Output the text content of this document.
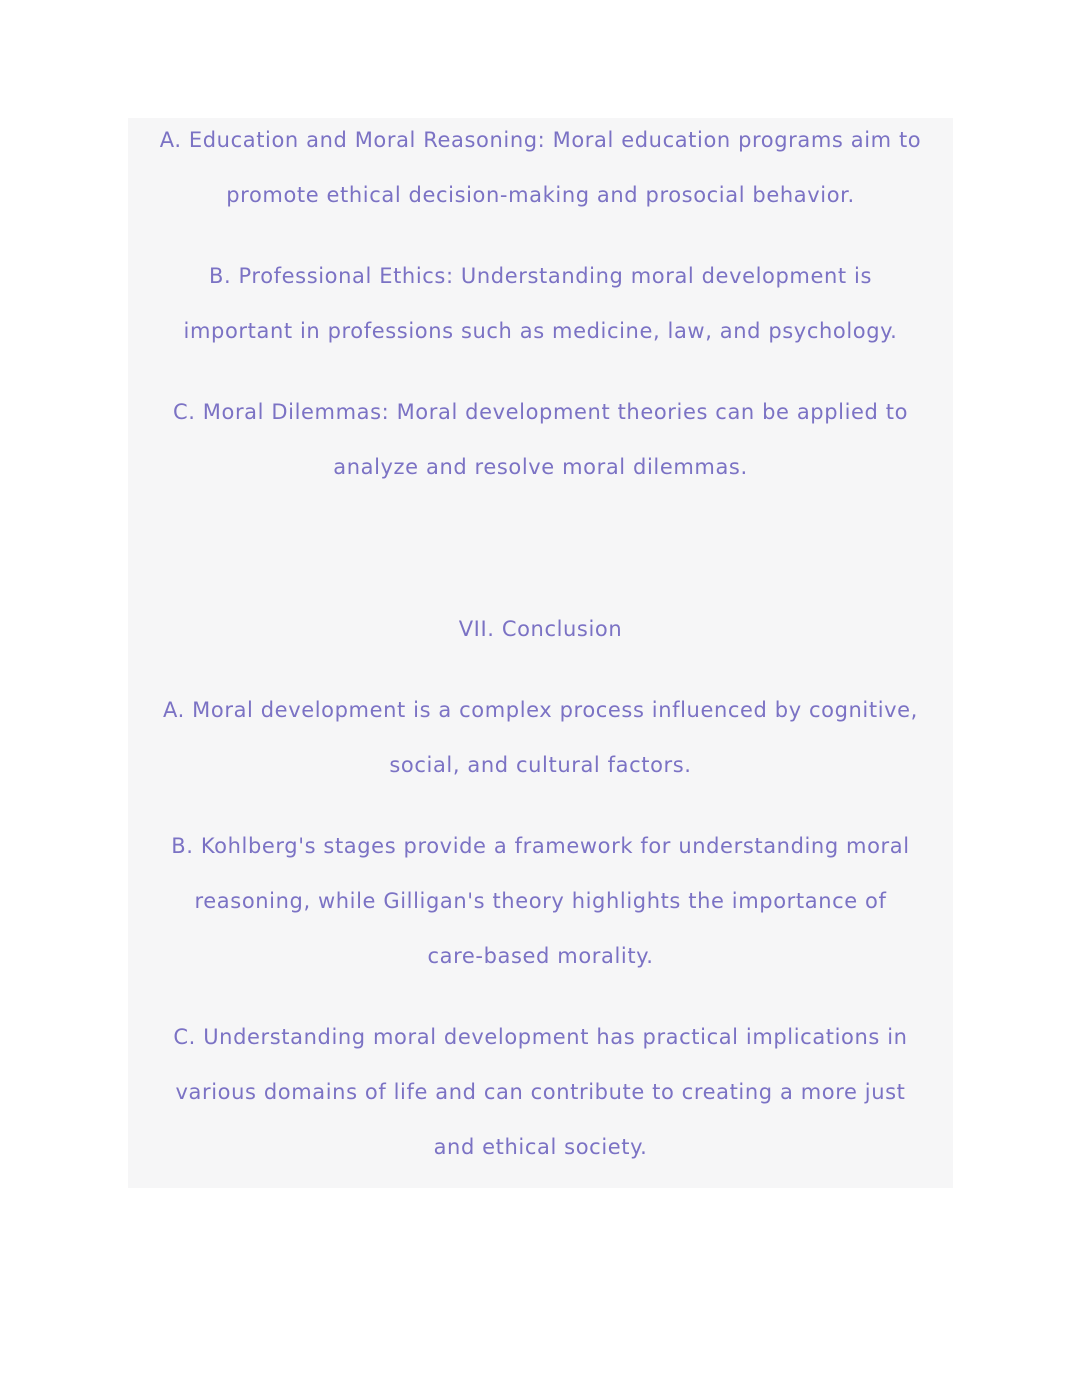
A. Education and Moral Reasoning: Moral education programs aim to
promote ethical decision-making and prosocial behavior.
B. Professional Ethics: Understanding moral development is
important in professions such as medicine, law, and psychology.
C. Moral Dilemmas: Moral development theories can be applied to
analyze and resolve moral dilemmas.
VII. Conclusion
A. Moral development is a complex process influenced by cognitive,
social, and cultural factors.
B. Kohlberg's stages provide a framework for understanding moral
reasoning, while Gilligan's theory highlights the importance of
care-based morality.
C. Understanding moral development has practical implications in
various domains of life and can contribute to creating a more just
and ethical society.
